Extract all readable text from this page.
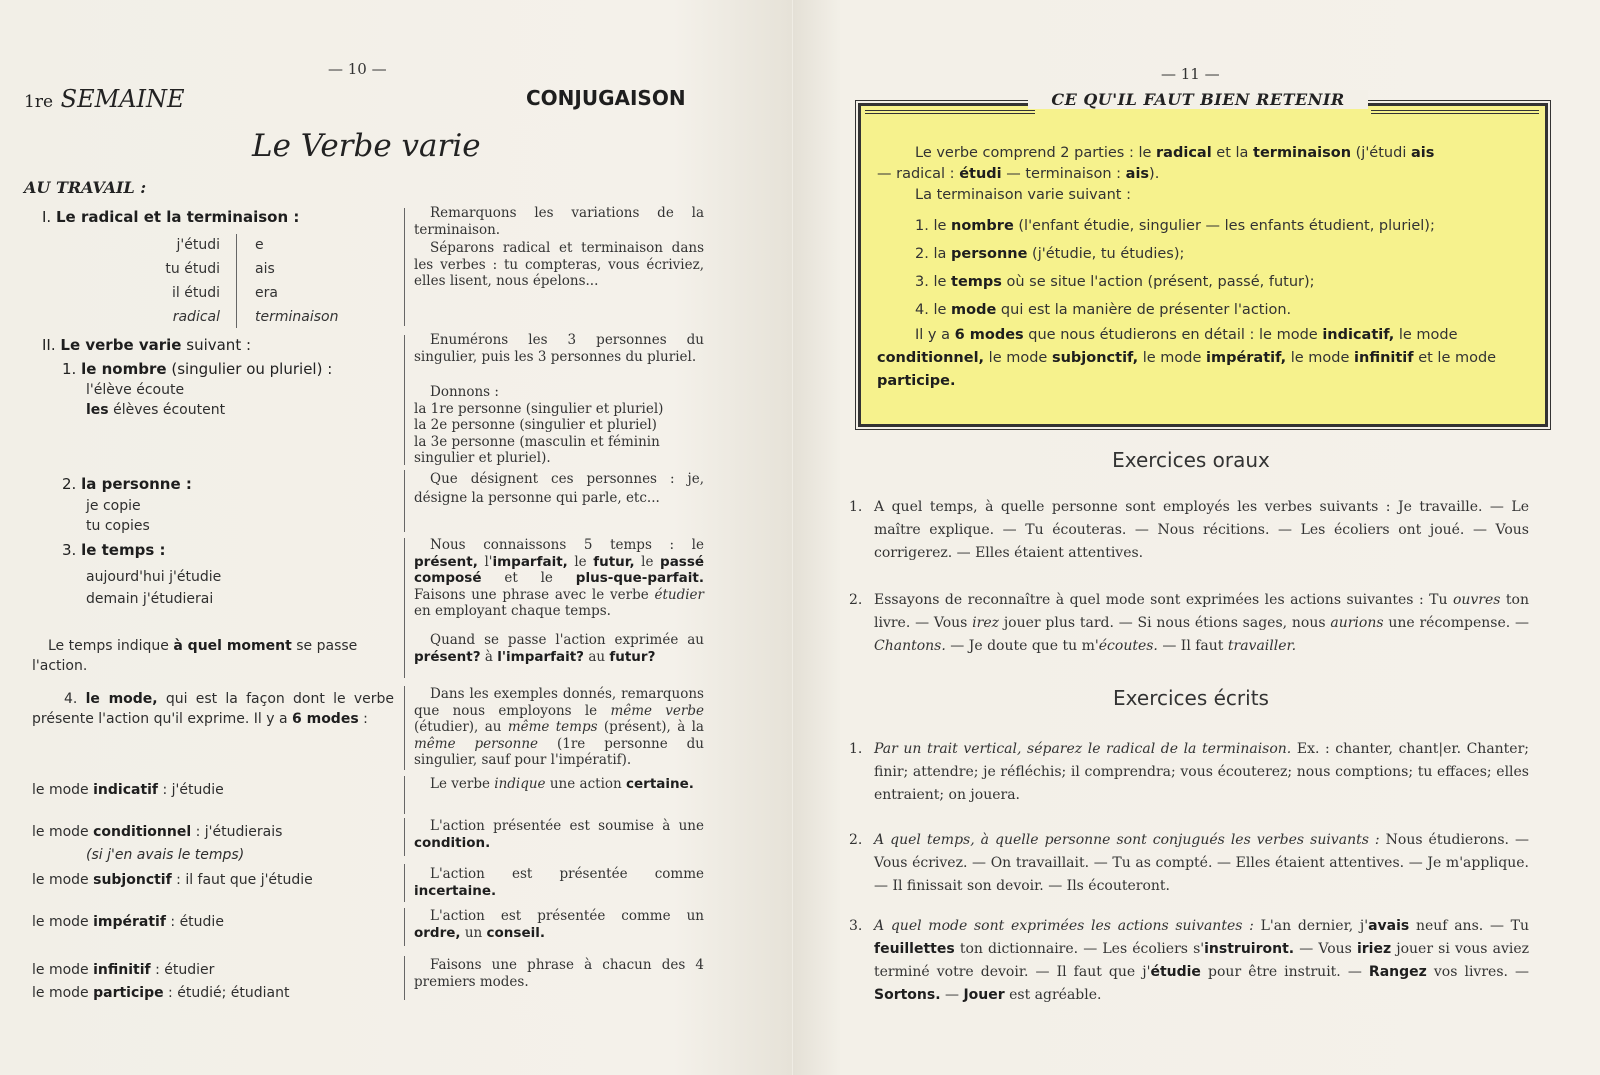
— 10 —
1re SEMAINE	CONJUGAISON
Le Verbe varie
AU TRAVAIL :
I. Le radical et la terminaison :
j'étudi
tu étudi
il étudi
radical
e
ais
era
terminaison
II. Le verbe varie suivant :
1. le nombre (singulier ou pluriel) :
l'élève écoute
les élèves écoutent
2. la personne :
je copie
tu copies
3. le temps :
aujourd'hui j'étudie
demain j'étudierai
Le temps indique à quel moment se passe l'action.
4. le mode, qui est la façon dont le verbe présente l'action qu'il exprime. Il y a 6 modes :
le mode indicatif : j'étudie
le mode conditionnel : j'étudierais
(si j'en avais le temps)
le mode subjonctif : il faut que j'étudie
le mode impératif : étudie
le mode infinitif : étudier
le mode participe : étudié; étudiant
Remarquons les variations de la terminaison.
Séparons radical et terminaison dans les verbes : tu compteras, vous écriviez, elles lisent, nous épelons...
Enumérons les 3 personnes du singulier, puis les 3 personnes du pluriel.
Donnons :
la 1re personne (singulier et pluriel)
la 2e personne (singulier et pluriel)
la 3e personne (masculin et féminin singulier et pluriel).
Que désignent ces personnes : je, désigne la personne qui parle, etc...
Nous connaissons 5 temps : le présent, l'imparfait, le futur, le passé composé et le plus-que-parfait. Faisons une phrase avec le verbe étudier en employant chaque temps.
Quand se passe l'action exprimée au présent? à l'imparfait? au futur?
Dans les exemples donnés, remarquons que nous employons le même verbe (étudier), au même temps (présent), à la même personne (1re personne du singulier, sauf pour l'impératif).
Le verbe indique une action certaine.
L'action présentée est soumise à une condition.
L'action est présentée comme incertaine.
L'action est présentée comme un ordre, un conseil.
Faisons une phrase à chacun des 4 premiers modes.
— 11 —
CE QU'IL FAUT BIEN RETENIR
Le verbe comprend 2 parties : le radical et la terminaison (j'étudi ais
— radical : étudi — terminaison : ais).
La terminaison varie suivant :
1. le nombre (l'enfant étudie, singulier — les enfants étudient, pluriel);
2. la personne (j'étudie, tu étudies);
3. le temps où se situe l'action (présent, passé, futur);
4. le mode qui est la manière de présenter l'action.
Il y a 6 modes que nous étudierons en détail : le mode indicatif, le mode conditionnel, le mode subjonctif, le mode impératif, le mode infinitif et le mode participe.
Exercices oraux
1. A quel temps, à quelle personne sont employés les verbes suivants : Je travaille. — Le maître explique. — Tu écouteras. — Nous récitions. — Les écoliers ont joué. — Vous corrigerez. — Elles étaient attentives.
2. Essayons de reconnaître à quel mode sont exprimées les actions suivantes : Tu ouvres ton livre. — Vous irez jouer plus tard. — Si nous étions sages, nous aurions une récompense. — Chantons. — Je doute que tu m'écoutes. — Il faut travailler.
Exercices écrits
1. Par un trait vertical, séparez le radical de la terminaison. Ex. : chanter, chant|er. Chanter; finir; attendre; je réfléchis; il comprendra; vous écouterez; nous comptions; tu effaces; elles entraient; on jouera.
2. A quel temps, à quelle personne sont conjugués les verbes suivants : Nous étudierons. — Vous écrivez. — On travaillait. — Tu as compté. — Elles étaient attentives. — Je m'applique. — Il finissait son devoir. — Ils écouteront.
3. A quel mode sont exprimées les actions suivantes : L'an dernier, j'avais neuf ans. — Tu feuillettes ton dictionnaire. — Les écoliers s'instruiront. — Vous iriez jouer si vous aviez terminé votre devoir. — Il faut que j'étudie pour être instruit. — Rangez vos livres. — Sortons. — Jouer est agréable.
